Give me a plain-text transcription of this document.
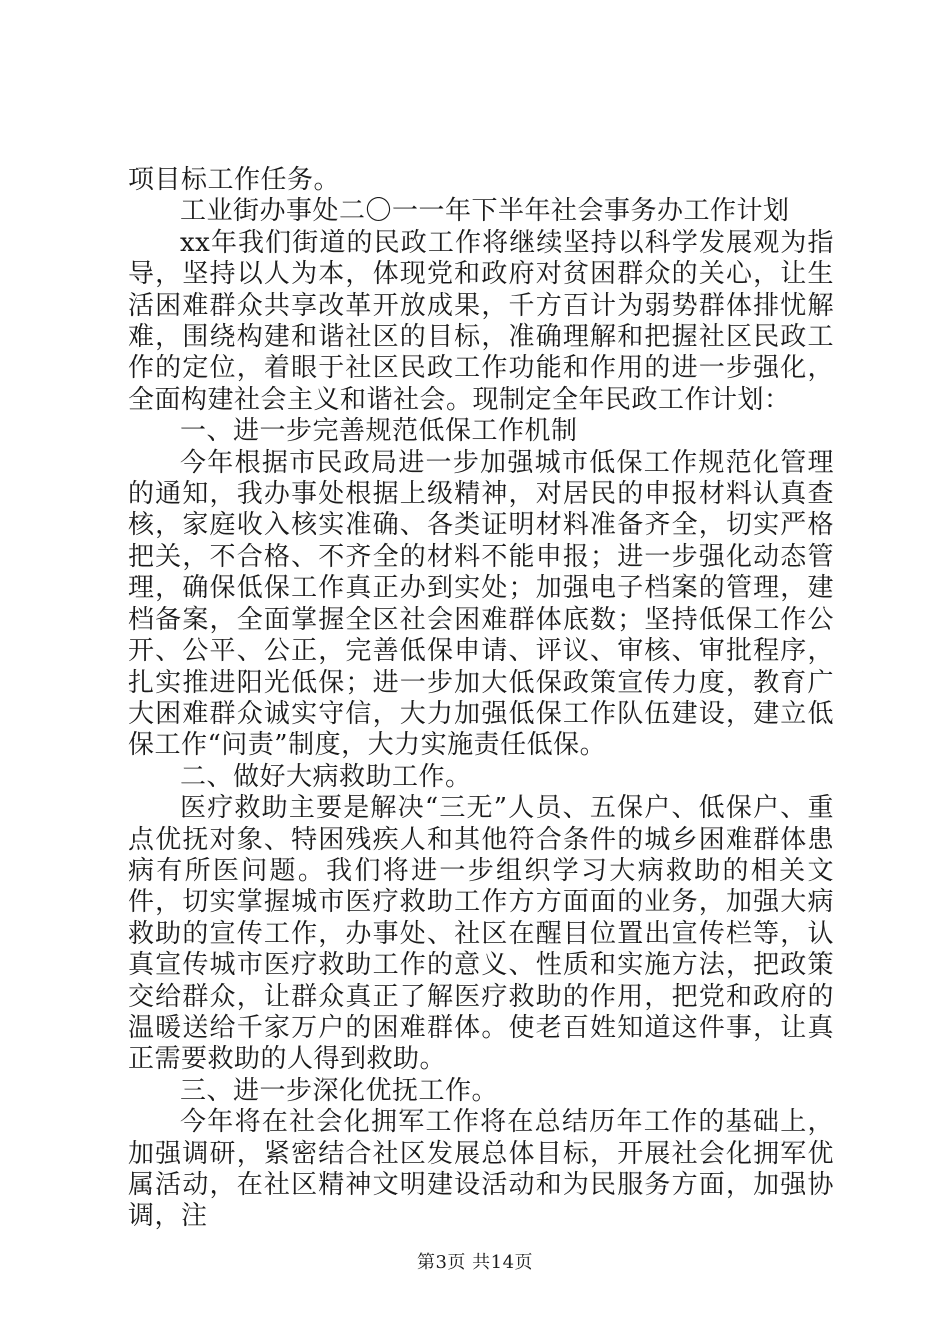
项目标工作任务。

工业街办事处二〇一一年下半年社会事务办工作计划

xx年我们街道的民政工作将继续坚持以科学发展观为指导，坚持以人为本，体现党和政府对贫困群众的关心，让生活困难群众共享改革开放成果，千方百计为弱势群体排忧解难，围绕构建和谐社区的目标，准确理解和把握社区民政工作的定位，着眼于社区民政工作功能和作用的进一步强化，全面构建社会主义和谐社会。现制定全年民政工作计划：

一、进一步完善规范低保工作机制

今年根据市民政局进一步加强城市低保工作规范化管理的通知，我办事处根据上级精神，对居民的申报材料认真查核，家庭收入核实准确、各类证明材料准备齐全，切实严格把关，不合格、不齐全的材料不能申报；进一步强化动态管理，确保低保工作真正办到实处；加强电子档案的管理，建档备案，全面掌握全区社会困难群体底数；坚持低保工作公开、公平、公正，完善低保申请、评议、审核、审批程序，扎实推进阳光低保；进一步加大低保政策宣传力度，教育广大困难群众诚实守信，大力加强低保工作队伍建设，建立低保工作“问责”制度，大力实施责任低保。

二、做好大病救助工作。

医疗救助主要是解决“三无”人员、五保户、低保户、重点优抚对象、特困残疾人和其他符合条件的城乡困难群体患病有所医问题。我们将进一步组织学习大病救助的相关文件，切实掌握城市医疗救助工作方方面面的业务，加强大病救助的宣传工作，办事处、社区在醒目位置出宣传栏等，认真宣传城市医疗救助工作的意义、性质和实施方法，把政策交给群众，让群众真正了解医疗救助的作用，把党和政府的温暖送给千家万户的困难群体。使老百姓知道这件事，让真正需要救助的人得到救助。

三、进一步深化优抚工作。

今年将在社会化拥军工作将在总结历年工作的基础上，加强调研，紧密结合社区发展总体目标，开展社会化拥军优属活动，在社区精神文明建设活动和为民服务方面，加强协调，注

第3页 共14页
